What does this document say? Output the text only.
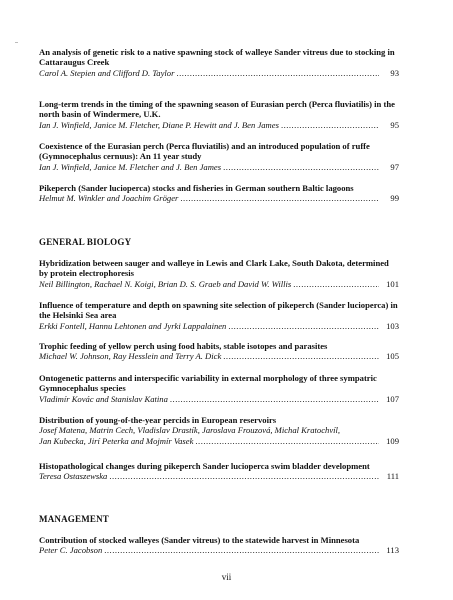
An analysis of genetic risk to a native spawning stock of walleye Sander vitreus due to stocking in Cattaraugus Creek
Carol A. Stepien and Clifford D. Taylor .....	93
Long-term trends in the timing of the spawning season of Eurasian perch (Perca fluviatilis) in the north basin of Windermere, U.K.
Ian J. Winfield, Janice M. Fletcher, Diane P. Hewitt and J. Ben James .....	95
Coexistence of the Eurasian perch (Perca fluviatilis) and an introduced population of ruffe (Gymnocephalus cernuus): An 11 year study
Ian J. Winfield, Janice M. Fletcher and J. Ben James .....	97
Pikeperch (Sander lucioperca) stocks and fisheries in German southern Baltic lagoons
Helmut M. Winkler and Joachim Gröger .....	99
GENERAL BIOLOGY
Hybridization between sauger and walleye in Lewis and Clark Lake, South Dakota, determined by protein electrophoresis
Neil Billington, Rachael N. Koigi, Brian D. S. Graeb and David W. Willis .....	101
Influence of temperature and depth on spawning site selection of pikeperch (Sander lucioperca) in the Helsinki Sea area
Erkki Fontell, Hannu Lehtonen and Jyrki Lappalainen .....	103
Trophic feeding of yellow perch using food habits, stable isotopes and parasites
Michael W. Johnson, Ray Hesslein and Terry A. Dick .....	105
Ontogenetic patterns and interspecific variability in external morphology of three sympatric Gymnocephalus species
Vladimír Kovác and Stanislav Katina .....	107
Distribution of young-of-the-year percids in European reservoirs
Josef Matena, Matrin Cech, Vladislav Drastík, Jaroslava Frouzová, Michal Kratochvíl,
Jan Kubecka, Jirí Peterka and Mojmír Vasek .....	109
Histopathological changes during pikeperch Sander lucioperca swim bladder development
Teresa Ostaszewska .....	111
MANAGEMENT
Contribution of stocked walleyes (Sander vitreus) to the statewide harvest in Minnesota
Peter C. Jacobson .....	113
vii
